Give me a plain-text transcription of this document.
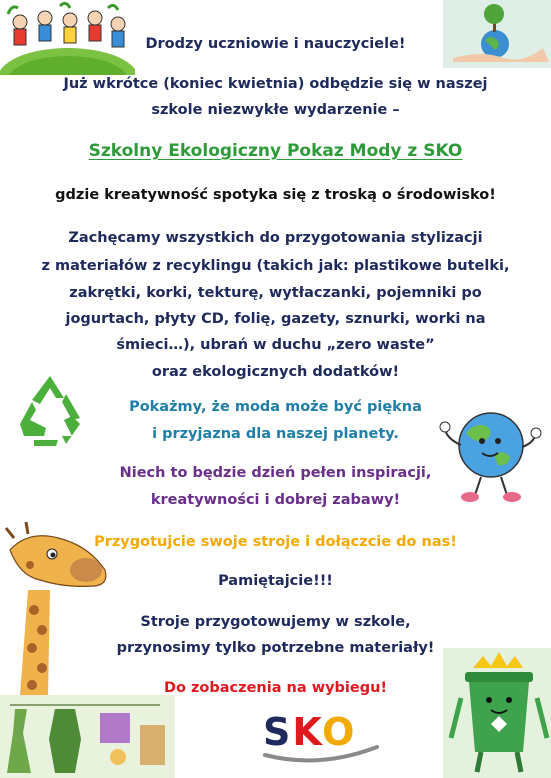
Drodzy uczniowie i nauczyciele!
Już wkrótce (koniec kwietnia) odbędzie się w naszej
szkole niezwykłe wydarzenie –
Szkolny Ekologiczny Pokaz Mody z SKO
gdzie kreatywność spotyka się z troską o środowisko!
Zachęcamy wszystkich do przygotowania stylizacji
z materiałów z recyklingu (takich jak: plastikowe butelki,
zakrętki, korki, tekturę, wytłaczanki, pojemniki po
jogurtach, płyty CD, folię, gazety, sznurki, worki na
śmieci…), ubrań w duchu „zero waste”
oraz ekologicznych dodatków!
Pokażmy, że moda może być piękna
i przyjazna dla naszej planety.
Niech to będzie dzień pełen inspiracji,
kreatywności i dobrej zabawy!
Przygotujcie swoje stroje i dołączcie do nas!
Pamiętajcie!!!
Stroje przygotowujemy w szkole,
przynosimy tylko potrzebne materiały!
Do zobaczenia na wybiegu!
SKO
